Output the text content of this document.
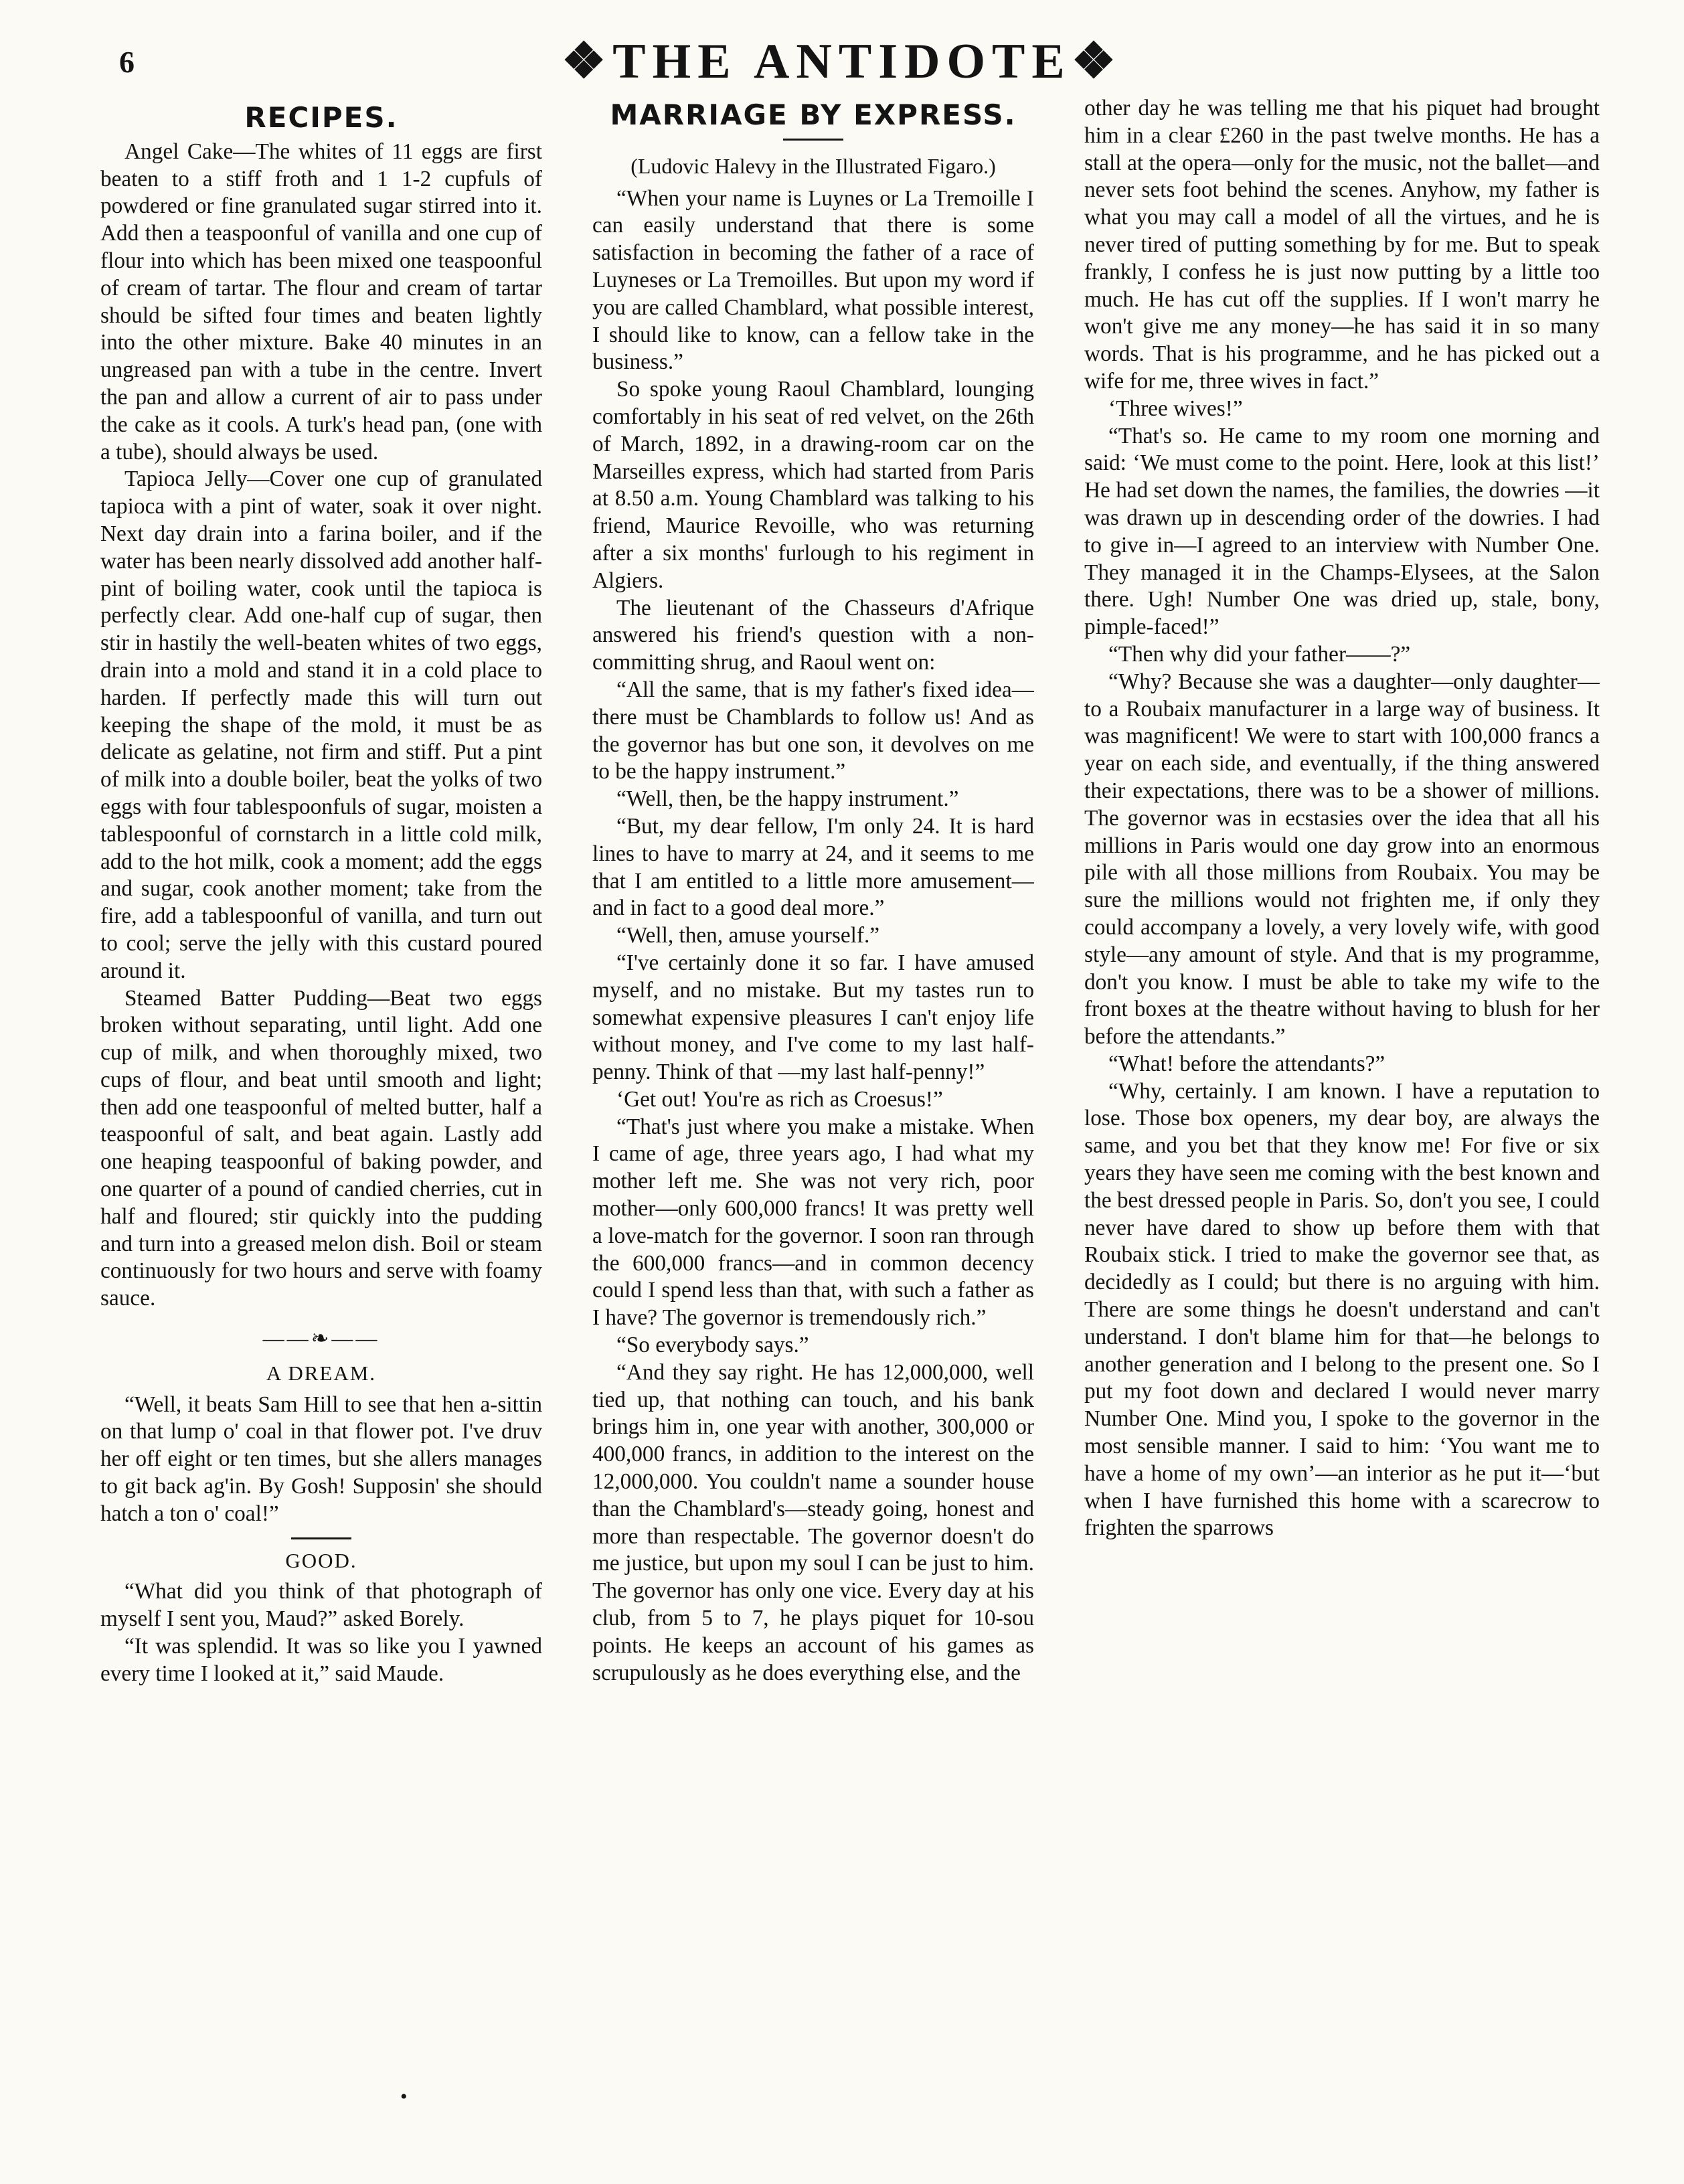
6	❖THE ANTIDOTE❖
RECIPES.

Angel Cake—The whites of 11 eggs are first beaten to a stiff froth and 1 1-2 cupfuls of powdered or fine granulated sugar stirred into it. Add then a teaspoonful of vanilla and one cup of flour into which has been mixed one teaspoonful of cream of tartar. The flour and cream of tartar should be sifted four times and beaten lightly into the other mixture. Bake 40 minutes in an ungreased pan with a tube in the centre. Invert the pan and allow a current of air to pass under the cake as it cools. A turk's head pan, (one with a tube), should always be used.

Tapioca Jelly—Cover one cup of granulated tapioca with a pint of water, soak it over night. Next day drain into a farina boiler, and if the water has been nearly dissolved add another half-pint of boiling water, cook until the tapioca is perfectly clear. Add one-half cup of sugar, then stir in hastily the well-beaten whites of two eggs, drain into a mold and stand it in a cold place to harden. If perfectly made this will turn out keeping the shape of the mold, it must be as delicate as gelatine, not firm and stiff. Put a pint of milk into a double boiler, beat the yolks of two eggs with four tablespoonfuls of sugar, moisten a tablespoonful of cornstarch in a little cold milk, add to the hot milk, cook a moment; add the eggs and sugar, cook another moment; take from the fire, add a tablespoonful of vanilla, and turn out to cool; serve the jelly with this custard poured around it.

Steamed Batter Pudding—Beat two eggs broken without separating, until light. Add one cup of milk, and when thoroughly mixed, two cups of flour, and beat until smooth and light; then add one teaspoonful of melted butter, half a teaspoonful of salt, and beat again. Lastly add one heaping teaspoonful of baking powder, and one quarter of a pound of candied cherries, cut in half and floured; stir quickly into the pudding and turn into a greased melon dish. Boil or steam continuously for two hours and serve with foamy sauce.

——❧——
A DREAM.

“Well, it beats Sam Hill to see that hen a-sittin on that lump o' coal in that flower pot. I've druv her off eight or ten times, but she allers manages to git back ag'in. By Gosh! Supposin' she should hatch a ton o' coal!”

GOOD.

“What did you think of that photograph of myself I sent you, Maud?” asked Borely.

“It was splendid. It was so like you I yawned every time I looked at it,” said Maude.

MARRIAGE BY EXPRESS.
(Ludovic Halevy in the Illustrated Figaro.)

“When your name is Luynes or La Tremoille I can easily understand that there is some satisfaction in becoming the father of a race of Luyneses or La Tremoilles. But upon my word if you are called Chamblard, what possible interest, I should like to know, can a fellow take in the business.”

So spoke young Raoul Chamblard, lounging comfortably in his seat of red velvet, on the 26th of March, 1892, in a drawing-room car on the Marseilles express, which had started from Paris at 8.50 a.m. Young Chamblard was talking to his friend, Maurice Revoille, who was returning after a six months' furlough to his regiment in Algiers.

The lieutenant of the Chasseurs d'Afrique answered his friend's question with a non-committing shrug, and Raoul went on:

“All the same, that is my father's fixed idea—there must be Chamblards to follow us! And as the governor has but one son, it devolves on me to be the happy instrument.”

“Well, then, be the happy instrument.”

“But, my dear fellow, I'm only 24. It is hard lines to have to marry at 24, and it seems to me that I am entitled to a little more amusement—and in fact to a good deal more.”

“Well, then, amuse yourself.”

“I've certainly done it so far. I have amused myself, and no mistake. But my tastes run to somewhat expensive pleasures I can't enjoy life without money, and I've come to my last half-penny. Think of that —my last half-penny!”

‘Get out! You're as rich as Croesus!”

“That's just where you make a mistake. When I came of age, three years ago, I had what my mother left me. She was not very rich, poor mother—only 600,000 francs! It was pretty well a love-match for the governor. I soon ran through the 600,000 francs—and in common decency could I spend less than that, with such a father as I have? The governor is tremendously rich.”

“So everybody says.”

“And they say right. He has 12,000,000, well tied up, that nothing can touch, and his bank brings him in, one year with another, 300,000 or 400,000 francs, in addition to the interest on the 12,000,000. You couldn't name a sounder house than the Chamblard's—steady going, honest and more than respectable. The governor doesn't do me justice, but upon my soul I can be just to him. The governor has only one vice. Every day at his club, from 5 to 7, he plays piquet for 10-sou points. He keeps an account of his games as scrupulously as he does everything else, and the

other day he was telling me that his piquet had brought him in a clear £260 in the past twelve months. He has a stall at the opera—only for the music, not the ballet—and never sets foot behind the scenes. Anyhow, my father is what you may call a model of all the virtues, and he is never tired of putting something by for me. But to speak frankly, I confess he is just now putting by a little too much. He has cut off the supplies. If I won't marry he won't give me any money—he has said it in so many words. That is his programme, and he has picked out a wife for me, three wives in fact.”

‘Three wives!”

“That's so. He came to my room one morning and said: ‘We must come to the point. Here, look at this list!’ He had set down the names, the families, the dowries —it was drawn up in descending order of the dowries. I had to give in—I agreed to an interview with Number One. They managed it in the Champs-Elysees, at the Salon there. Ugh! Number One was dried up, stale, bony, pimple-faced!”

“Then why did your father——?”

“Why? Because she was a daughter—only daughter—to a Roubaix manufacturer in a large way of business. It was magnificent! We were to start with 100,000 francs a year on each side, and eventually, if the thing answered their expectations, there was to be a shower of millions. The governor was in ecstasies over the idea that all his millions in Paris would one day grow into an enormous pile with all those millions from Roubaix. You may be sure the millions would not frighten me, if only they could accompany a lovely, a very lovely wife, with good style—any amount of style. And that is my programme, don't you know. I must be able to take my wife to the front boxes at the theatre without having to blush for her before the attendants.”

“What! before the attendants?”

“Why, certainly. I am known. I have a reputation to lose. Those box openers, my dear boy, are always the same, and you bet that they know me! For five or six years they have seen me coming with the best known and the best dressed people in Paris. So, don't you see, I could never have dared to show up before them with that Roubaix stick. I tried to make the governor see that, as decidedly as I could; but there is no arguing with him. There are some things he doesn't understand and can't understand. I don't blame him for that—he belongs to another generation and I belong to the present one. So I put my foot down and declared I would never marry Number One. Mind you, I spoke to the governor in the most sensible manner. I said to him: ‘You want me to have a home of my own’—an interior as he put it—‘but when I have furnished this home with a scarecrow to frighten the sparrows

•
